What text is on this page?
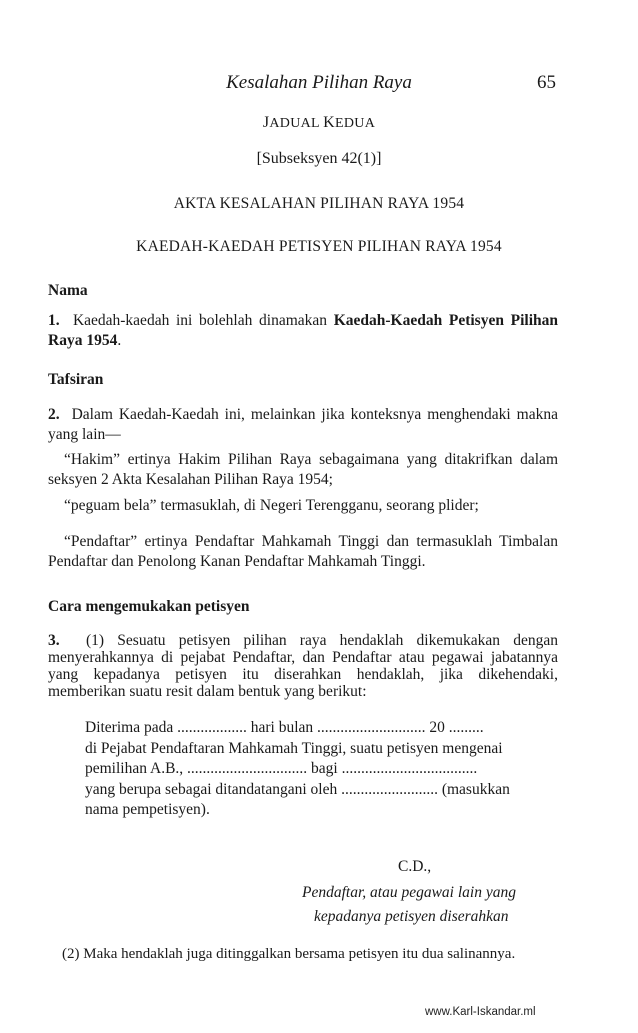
Kesalahan Pilihan Raya	65
JADUAL KEDUA
[Subseksyen 42(1)]
AKTA KESALAHAN PILIHAN RAYA 1954
KAEDAH-KAEDAH PETISYEN PILIHAN RAYA 1954
Nama

1. Kaedah-kaedah ini bolehlah dinamakan Kaedah-Kaedah Petisyen Pilihan Raya 1954.

Tafsiran

2. Dalam Kaedah-Kaedah ini, melainkan jika konteksnya menghendaki makna yang lain—

“Hakim” ertinya Hakim Pilihan Raya sebagaimana yang ditakrifkan dalam seksyen 2 Akta Kesalahan Pilihan Raya 1954;

“peguam bela” termasuklah, di Negeri Terengganu, seorang plider;

“Pendaftar” ertinya Pendaftar Mahkamah Tinggi dan termasuklah Timbalan Pendaftar dan Penolong Kanan Pendaftar Mahkamah Tinggi.

Cara mengemukakan petisyen

3. (1) Sesuatu petisyen pilihan raya hendaklah dikemukakan dengan menyerahkannya di pejabat Pendaftar, dan Pendaftar atau pegawai jabatannya yang kepadanya petisyen itu diserahkan hendaklah, jika dikehendaki, memberikan suatu resit dalam bentuk yang berikut:

Diterima pada .................. hari bulan ............................ 20 .........
di Pejabat Pendaftaran Mahkamah Tinggi, suatu petisyen mengenai
pemilihan A.B., ............................... bagi ...................................
yang berupa sebagai ditandatangani oleh ......................... (masukkan
nama pempetisyen).
C.D.,
Pendaftar, atau pegawai lain yang
kepadanya petisyen diserahkan
(2) Maka hendaklah juga ditinggalkan bersama petisyen itu dua salinannya.
www.Karl-Iskandar.ml
